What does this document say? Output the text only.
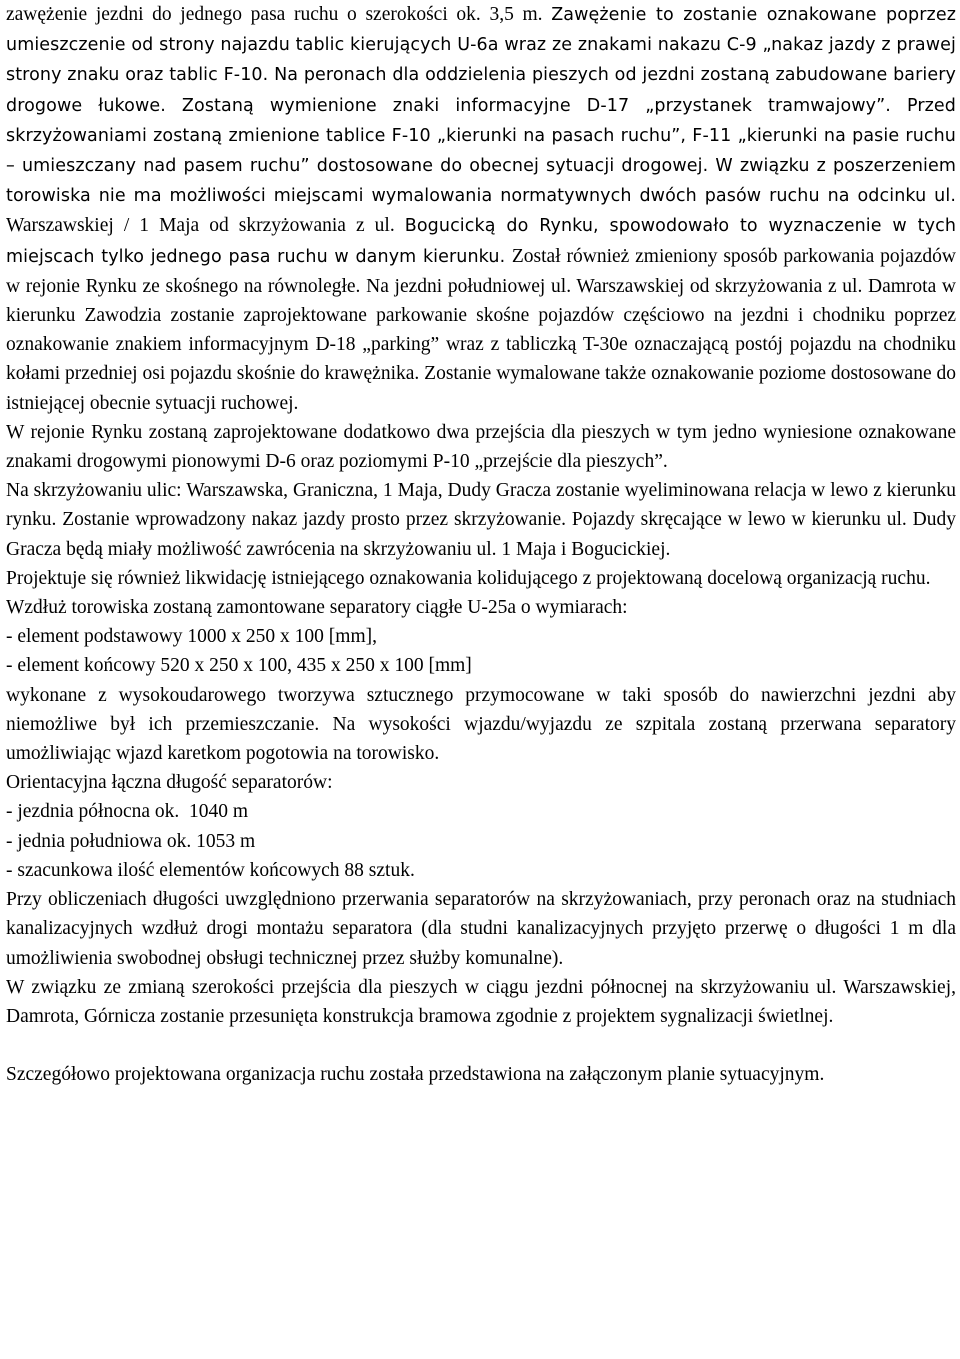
zawężenie jezdni do jednego pasa ruchu o szerokości ok. 3,5 m. Zawężenie to zostanie oznakowane poprzez umieszczenie od strony najazdu tablic kierujących U-6a wraz ze znakami nakazu C-9 „nakaz jazdy z prawej strony znaku oraz tablic F-10. Na peronach dla oddzielenia pieszych od jezdni zostaną zabudowane bariery drogowe łukowe. Zostaną wymienione znaki informacyjne D-17 „przystanek tramwajowy”. Przed skrzyżowaniami zostaną zmienione tablice F-10 „kierunki na pasach ruchu”, F-11 „kierunki na pasie ruchu – umieszczany nad pasem ruchu” dostosowane do obecnej sytuacji drogowej. W związku z poszerzeniem torowiska nie ma możliwości miejscami wymalowania normatywnych dwóch pasów ruchu na odcinku ul. Warszawskiej / 1 Maja od skrzyżowania z ul. Bogucicką do Rynku, spowodowało to wyznaczenie w tych miejscach tylko jednego pasa ruchu w danym kierunku. Został również zmieniony sposób parkowania pojazdów w rejonie Rynku ze skośnego na równoległe. Na jezdni południowej ul. Warszawskiej od skrzyżowania z ul. Damrota w kierunku Zawodzia zostanie zaprojektowane parkowanie skośne pojazdów częściowo na jezdni i chodniku poprzez oznakowanie znakiem informacyjnym D-18 „parking” wraz z tabliczką T-30e oznaczającą postój pojazdu na chodniku kołami przedniej osi pojazdu skośnie do krawężnika. Zostanie wymalowane także oznakowanie poziome dostosowane do istniejącej obecnie sytuacji ruchowej.

W rejonie Rynku zostaną zaprojektowane dodatkowo dwa przejścia dla pieszych w tym jedno wyniesione oznakowane znakami drogowymi pionowymi D-6 oraz poziomymi P-10 „przejście dla pieszych”.

Na skrzyżowaniu ulic: Warszawska, Graniczna, 1 Maja, Dudy Gracza zostanie wyeliminowana relacja w lewo z kierunku rynku. Zostanie wprowadzony nakaz jazdy prosto przez skrzyżowanie. Pojazdy skręcające w lewo w kierunku ul. Dudy Gracza będą miały możliwość zawrócenia na skrzyżowaniu ul. 1 Maja i Bogucickiej.

Projektuje się również likwidację istniejącego oznakowania kolidującego z projektowaną docelową organizacją ruchu.

Wzdłuż torowiska zostaną zamontowane separatory ciągłe U-25a o wymiarach:

- element podstawowy 1000 x 250 x 100 [mm],

- element końcowy 520 x 250 x 100, 435 x 250 x 100 [mm]

wykonane z wysokoudarowego tworzywa sztucznego przymocowane w taki sposób do nawierzchni jezdni aby niemożliwe był ich przemieszczanie. Na wysokości wjazdu/wyjazdu ze szpitala zostaną przerwana separatory umożliwiając wjazd karetkom pogotowia na torowisko.

Orientacyjna łączna długość separatorów:

- jezdnia północna ok.  1040 m

- jednia południowa ok. 1053 m

- szacunkowa ilość elementów końcowych 88 sztuk.

Przy obliczeniach długości uwzględniono przerwania separatorów na skrzyżowaniach, przy peronach oraz na studniach kanalizacyjnych wzdłuż drogi montażu separatora (dla studni kanalizacyjnych przyjęto przerwę o długości 1 m dla umożliwienia swobodnej obsługi technicznej przez służby komunalne).

W związku ze zmianą szerokości przejścia dla pieszych w ciągu jezdni północnej na skrzyżowaniu ul. Warszawskiej, Damrota, Górnicza zostanie przesunięta konstrukcja bramowa zgodnie z projektem sygnalizacji świetlnej.

Szczegółowo projektowana organizacja ruchu została przedstawiona na załączonym planie sytuacyjnym.
